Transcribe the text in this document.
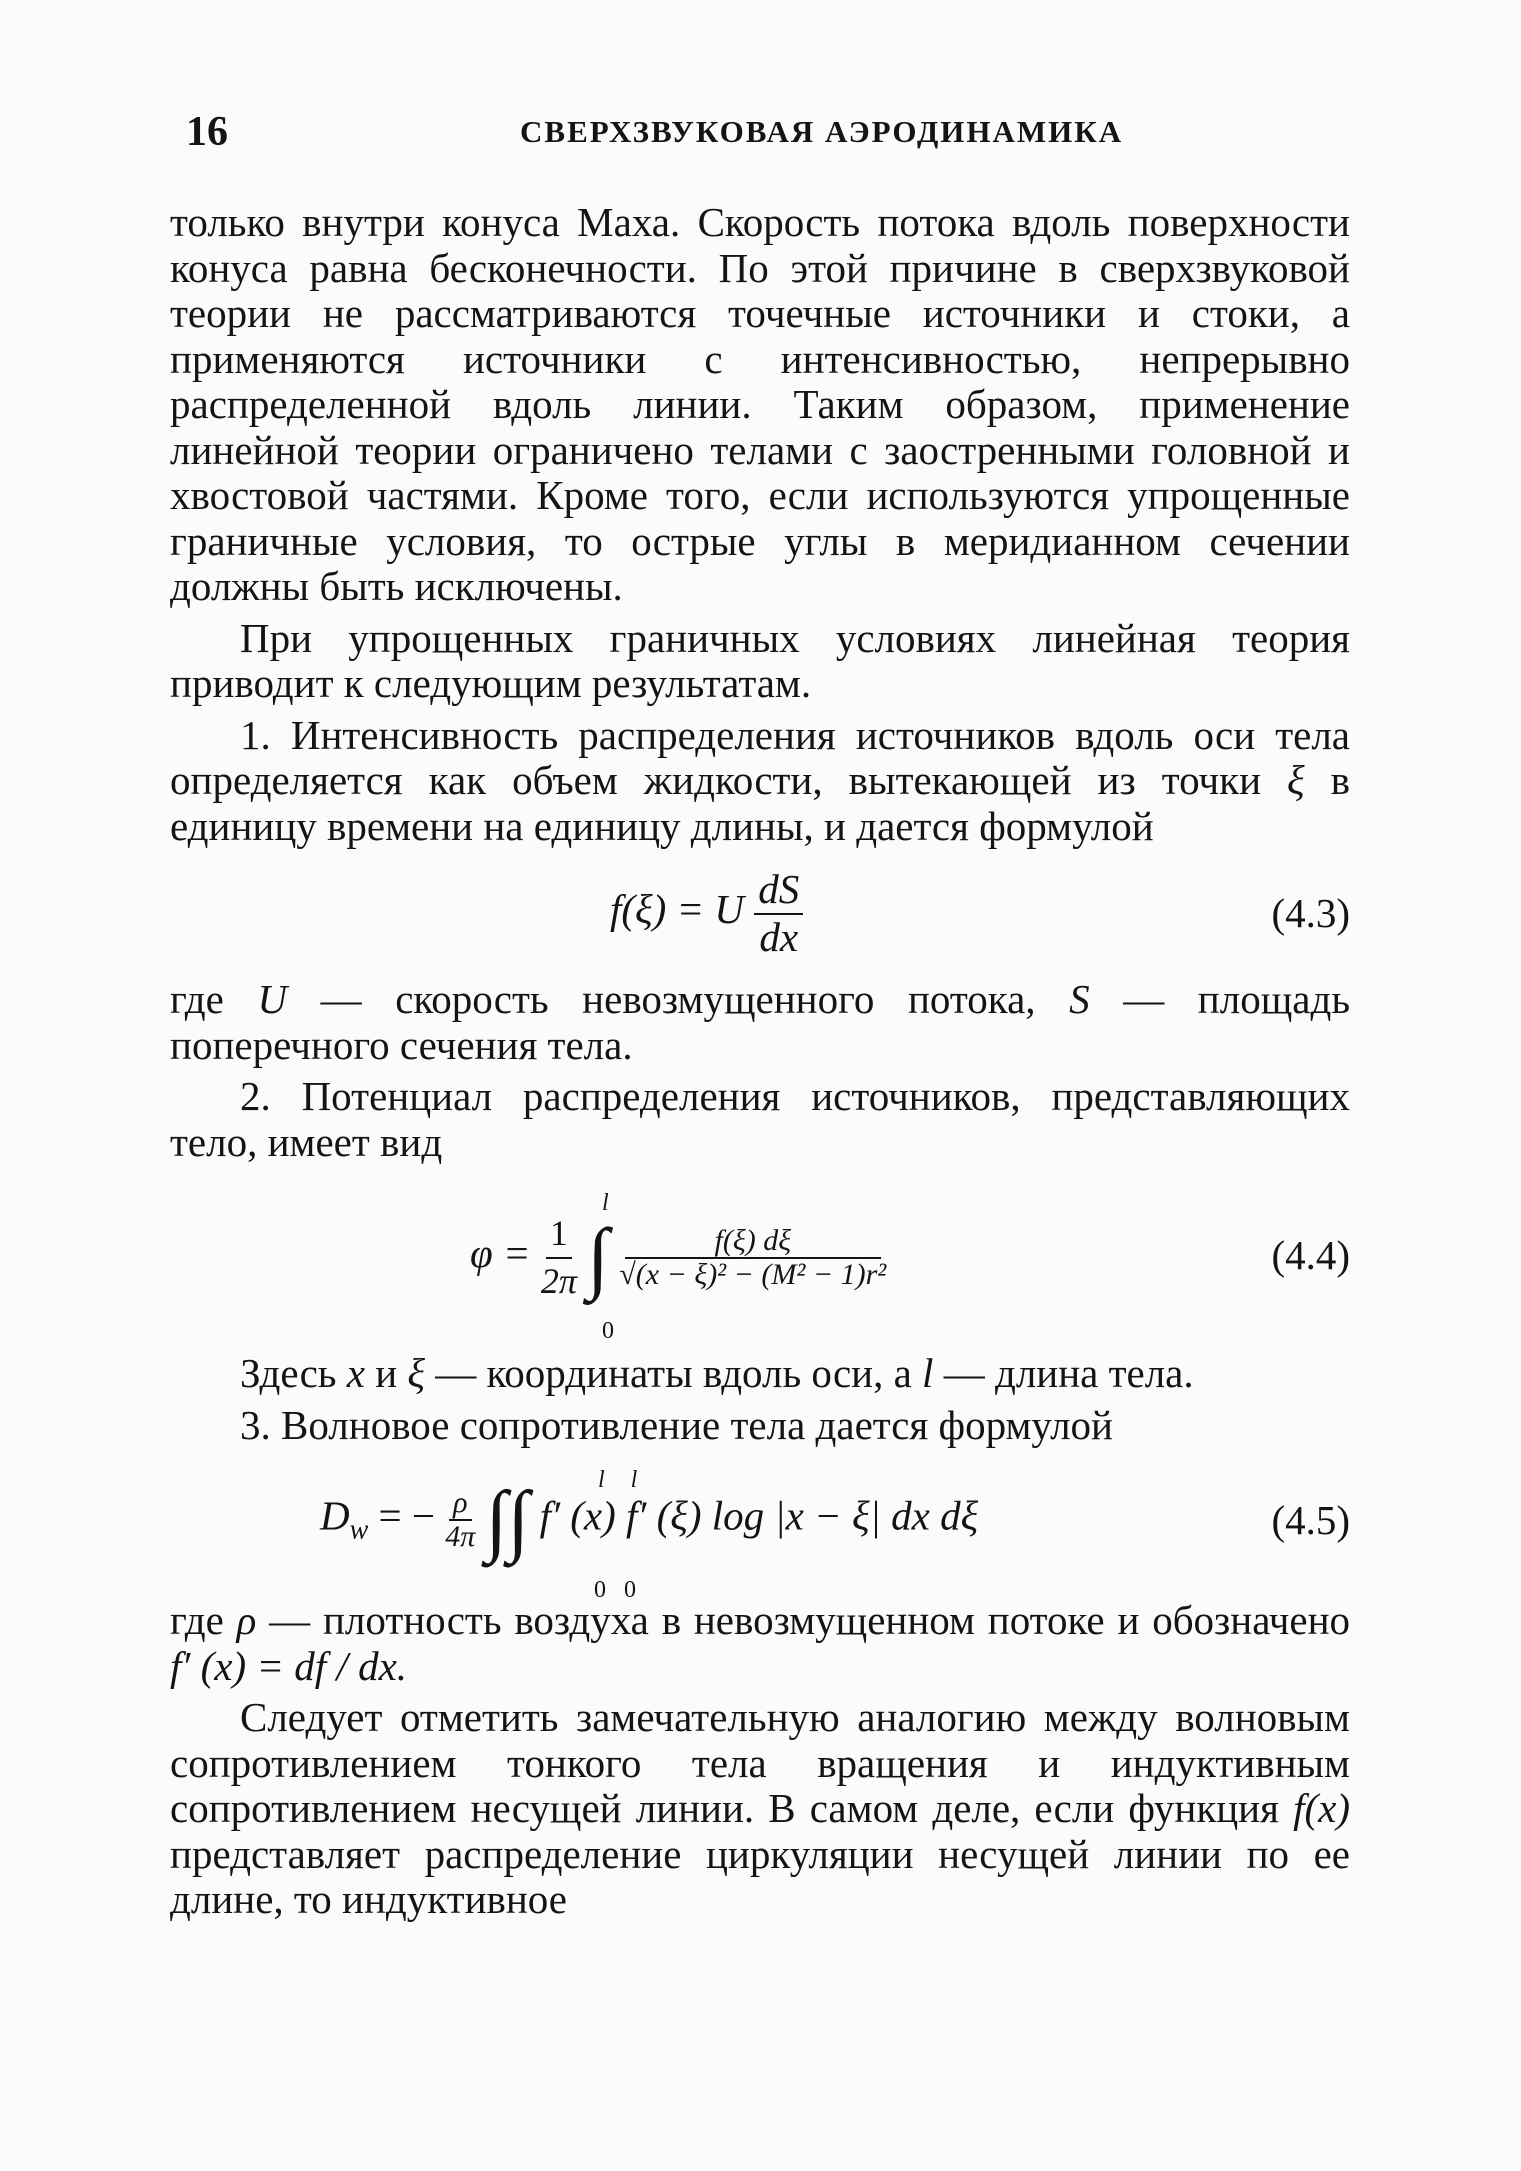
16	СВЕРХЗВУКОВАЯ АЭРОДИНАМИКА

только внутри конуса Маха. Скорость потока вдоль поверхности конуса равна бесконечности. По этой причине в сверхзвуковой теории не рассматриваются точечные источники и стоки, а применяются источники с интенсивностью, непрерывно распределенной вдоль линии. Таким образом, применение линейной теории ограничено телами с заостренными головной и хвостовой частями. Кроме того, если используются упрощенные граничные условия, то острые углы в меридианном сечении должны быть исключены.

При упрощенных граничных условиях линейная теория приводит к следующим результатам.

1. Интенсивность распределения источников вдоль оси тела определяется как объем жидкости, вытекающей из точки ξ в единицу времени на единицу длины, и дается формулой

f(ξ) = U $\frac{dS}{dx}$	(4.3)

где U — скорость невозмущенного потока, S — площадь поперечного сечения тела.

2. Потенциал распределения источников, представляющих тело, имеет вид

$\varphi = \frac{1}{2\pi}$ ∫ $\frac{f(\xi) d\xi}{\text{√(x − ξ)² − (M² − 1)r²}}$
l
0
(4.4)

Здесь x и ξ — координаты вдоль оси, а l — длина тела.

3. Волновое сопротивление тела дается формулой

$D_w$ = − $\frac{\rho}{4\pi}$ ∫∫ f′ (x) f′ (ξ) log |x − ξ| dx dξ
l l
0 0
(4.5)

где ρ — плотность воздуха в невозмущенном потоке и обозначено f′ (x) = df / dx.

Следует отметить замечательную аналогию между волновым сопротивлением тонкого тела вращения и индуктивным сопротивлением несущей линии. В самом деле, если функция f(x) представляет распределение циркуляции несущей линии по ее длине, то индуктивное
